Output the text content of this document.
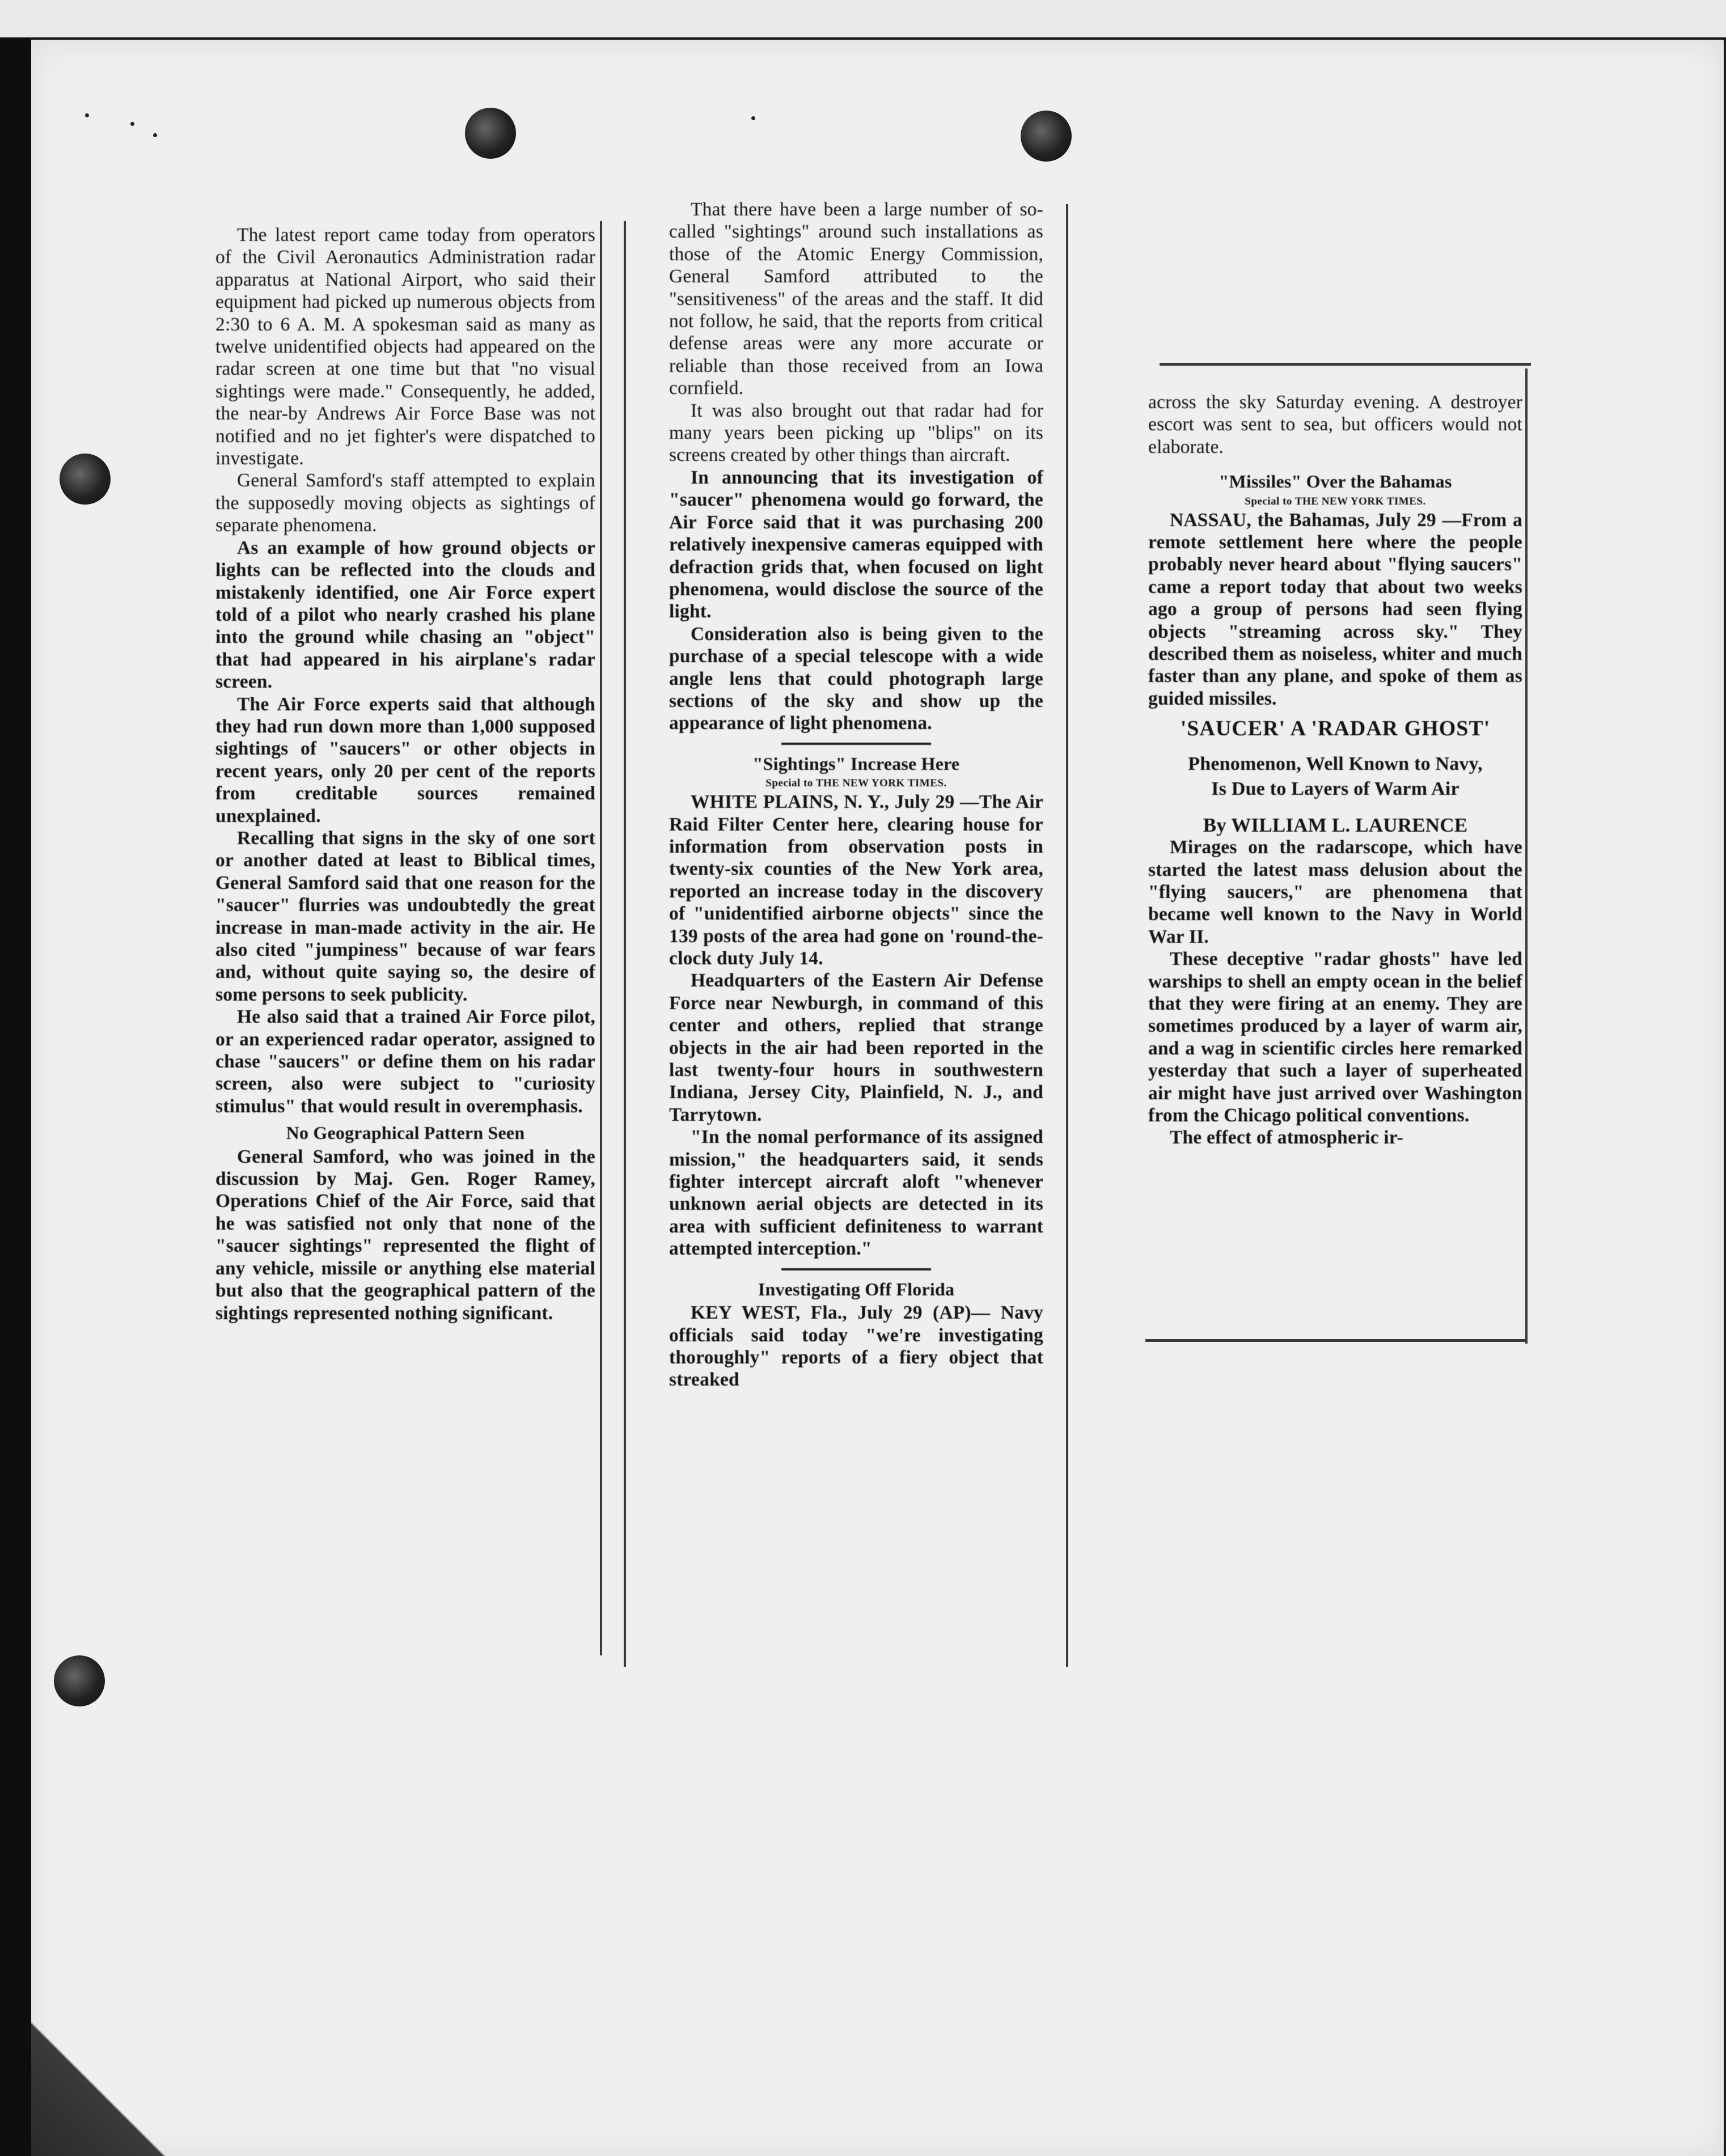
The latest report came today from operators of the Civil Aeronautics Administration radar apparatus at National Airport, who said their equipment had picked up numerous objects from 2:30 to 6 A. M. A spokesman said as many as twelve unidentified objects had appeared on the radar screen at one time but that "no visual sightings were made." Consequently, he added, the near-by Andrews Air Force Base was not notified and no jet fighter's were dispatched to investigate.

General Samford's staff attempted to explain the supposedly moving objects as sightings of separate phenomena.

As an example of how ground objects or lights can be reflected into the clouds and mistakenly identified, one Air Force expert told of a pilot who nearly crashed his plane into the ground while chasing an "object" that had appeared in his airplane's radar screen.

The Air Force experts said that although they had run down more than 1,000 supposed sightings of "saucers" or other objects in recent years, only 20 per cent of the reports from creditable sources remained unexplained.

Recalling that signs in the sky of one sort or another dated at least to Biblical times, General Samford said that one reason for the "saucer" flurries was undoubtedly the great increase in man-made activity in the air. He also cited "jumpiness" because of war fears and, without quite saying so, the desire of some persons to seek publicity.

He also said that a trained Air Force pilot, or an experienced radar operator, assigned to chase "saucers" or define them on his radar screen, also were subject to "curiosity stimulus" that would result in overemphasis.

No Geographical Pattern Seen

General Samford, who was joined in the discussion by Maj. Gen. Roger Ramey, Operations Chief of the Air Force, said that he was satisfied not only that none of the "saucer sightings" represented the flight of any vehicle, missile or anything else material but also that the geographical pattern of the sightings represented nothing significant.

That there have been a large number of so-called "sightings" around such installations as those of the Atomic Energy Commission, General Samford attributed to the "sensitiveness" of the areas and the staff. It did not follow, he said, that the reports from critical defense areas were any more accurate or reliable than those received from an Iowa cornfield.

It was also brought out that radar had for many years been picking up "blips" on its screens created by other things than aircraft.

In announcing that its investigation of "saucer" phenomena would go forward, the Air Force said that it was purchasing 200 relatively inexpensive cameras equipped with defraction grids that, when focused on light phenomena, would disclose the source of the light.

Consideration also is being given to the purchase of a special telescope with a wide angle lens that could photograph large sections of the sky and show up the appearance of light phenomena.

"Sightings" Increase Here

Special to THE NEW YORK TIMES.

WHITE PLAINS, N. Y., July 29 —The Air Raid Filter Center here, clearing house for information from observation posts in twenty-six counties of the New York area, reported an increase today in the discovery of "unidentified airborne objects" since the 139 posts of the area had gone on 'round-the-clock duty July 14.

Headquarters of the Eastern Air Defense Force near Newburgh, in command of this center and others, replied that strange objects in the air had been reported in the last twenty-four hours in southwestern Indiana, Jersey City, Plainfield, N. J., and Tarrytown.

"In the nomal performance of its assigned mission," the headquarters said, it sends fighter intercept aircraft aloft "whenever unknown aerial objects are detected in its area with sufficient definiteness to warrant attempted interception."

Investigating Off Florida

KEY WEST, Fla., July 29 (AP)— Navy officials said today "we're investigating thoroughly" reports of a fiery object that streaked

across the sky Saturday evening. A destroyer escort was sent to sea, but officers would not elaborate.

"Missiles" Over the Bahamas

Special to THE NEW YORK TIMES.

NASSAU, the Bahamas, July 29 —From a remote settlement here where the people probably never heard about "flying saucers" came a report today that about two weeks ago a group of persons had seen flying objects "streaming across sky." They described them as noiseless, whiter and much faster than any plane, and spoke of them as guided missiles.

'SAUCER' A 'RADAR GHOST'

Phenomenon, Well Known to Navy,

Is Due to Layers of Warm Air

By WILLIAM L. LAURENCE

Mirages on the radarscope, which have started the latest mass delusion about the "flying saucers," are phenomena that became well known to the Navy in World War II.

These deceptive "radar ghosts" have led warships to shell an empty ocean in the belief that they were firing at an enemy. They are sometimes produced by a layer of warm air, and a wag in scientific circles here remarked yesterday that such a layer of superheated air might have just arrived over Washington from the Chicago political conventions.

The effect of atmospheric ir-
